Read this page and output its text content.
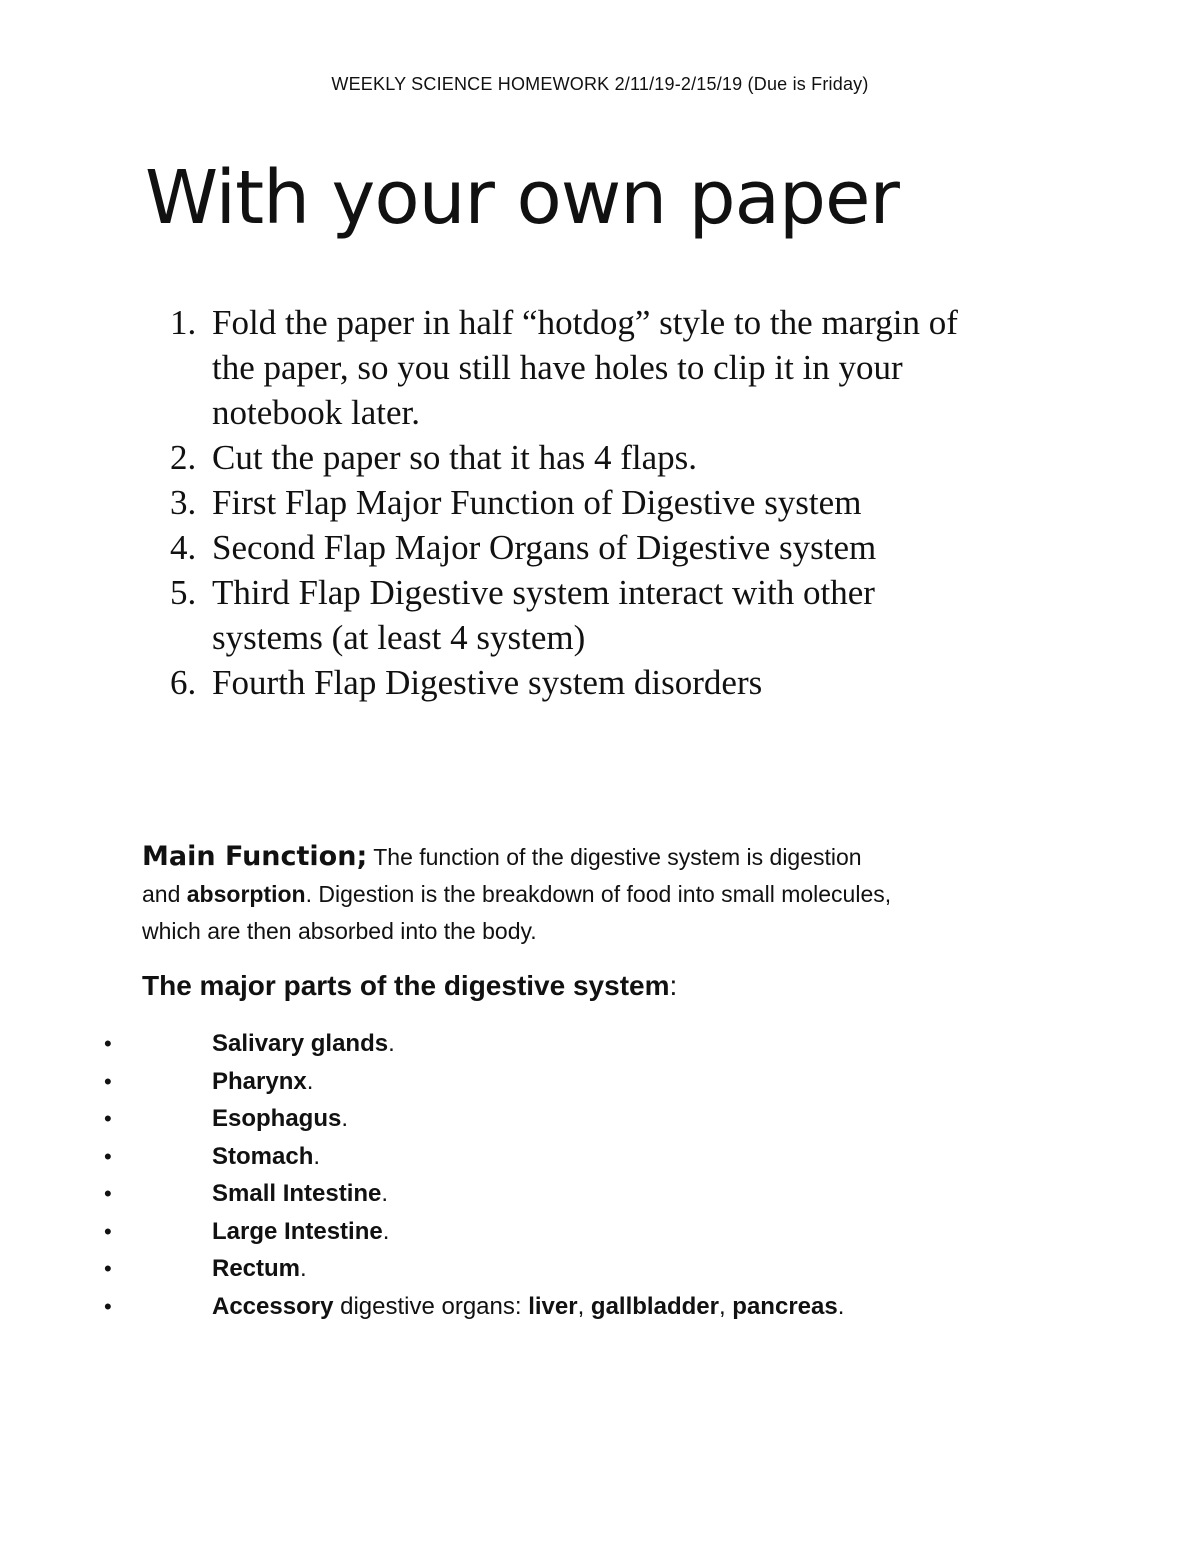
WEEKLY SCIENCE HOMEWORK 2/11/19-2/15/19 (Due is Friday)
With your own paper
1. Fold the paper in half “hotdog” style to the margin of
the paper, so you still have holes to clip it in your
notebook later.
2. Cut the paper so that it has 4 flaps.
3. First Flap Major Function of Digestive system
4. Second Flap Major Organs of Digestive system
5. Third Flap Digestive system interact with other
systems (at least 4 system)
6. Fourth Flap Digestive system disorders

Main Function; The function of the digestive system is digestion
and absorption. Digestion is the breakdown of food into small molecules,
which are then absorbed into the body.

The major parts of the digestive system:

•	Salivary glands.
•	Pharynx.
•	Esophagus.
•	Stomach.
•	Small Intestine.
•	Large Intestine.
•	Rectum.
•	Accessory digestive organs: liver, gallbladder, pancreas.
